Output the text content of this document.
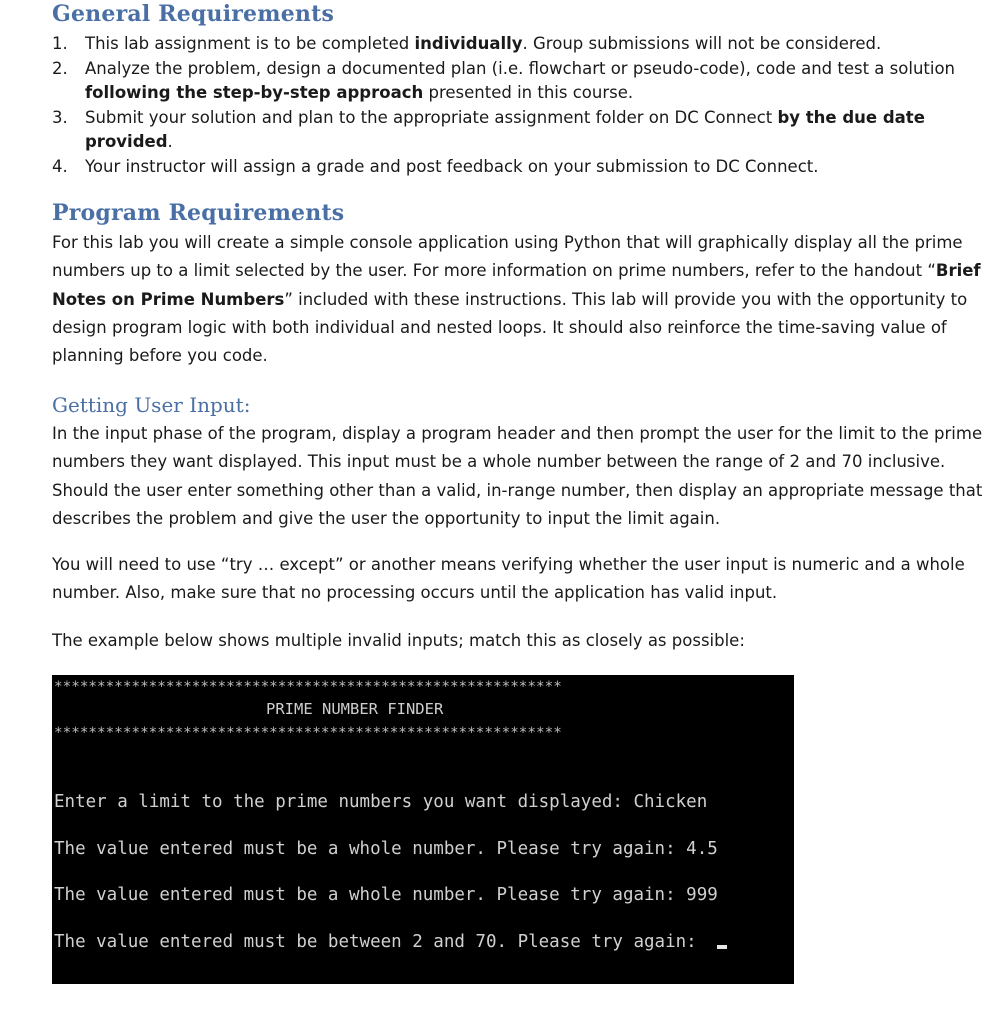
General Requirements
1. This lab assignment is to be completed individually. Group submissions will not be considered.
2. Analyze the problem, design a documented plan (i.e. flowchart or pseudo-code), code and test a solution following the step-by-step approach presented in this course.
3. Submit your solution and plan to the appropriate assignment folder on DC Connect by the due date provided.
4. Your instructor will assign a grade and post feedback on your submission to DC Connect.
Program Requirements
For this lab you will create a simple console application using Python that will graphically display all the prime numbers up to a limit selected by the user. For more information on prime numbers, refer to the handout “Brief Notes on Prime Numbers” included with these instructions. This lab will provide you with the opportunity to design program logic with both individual and nested loops. It should also reinforce the time-saving value of planning before you code.
Getting User Input:
In the input phase of the program, display a program header and then prompt the user for the limit to the prime numbers they want displayed. This input must be a whole number between the range of 2 and 70 inclusive. Should the user enter something other than a valid, in-range number, then display an appropriate message that describes the problem and give the user the opportunity to input the limit again.
You will need to use “try … except” or another means verifying whether the user input is numeric and a whole number. Also, make sure that no processing occurs until the application has valid input.
The example below shows multiple invalid inputs; match this as closely as possible:
***********************************************************
PRIME NUMBER FINDER
***********************************************************
Enter a limit to the prime numbers you want displayed: Chicken
The value entered must be a whole number. Please try again: 4.5
The value entered must be a whole number. Please try again: 999
The value entered must be between 2 and 70. Please try again:
